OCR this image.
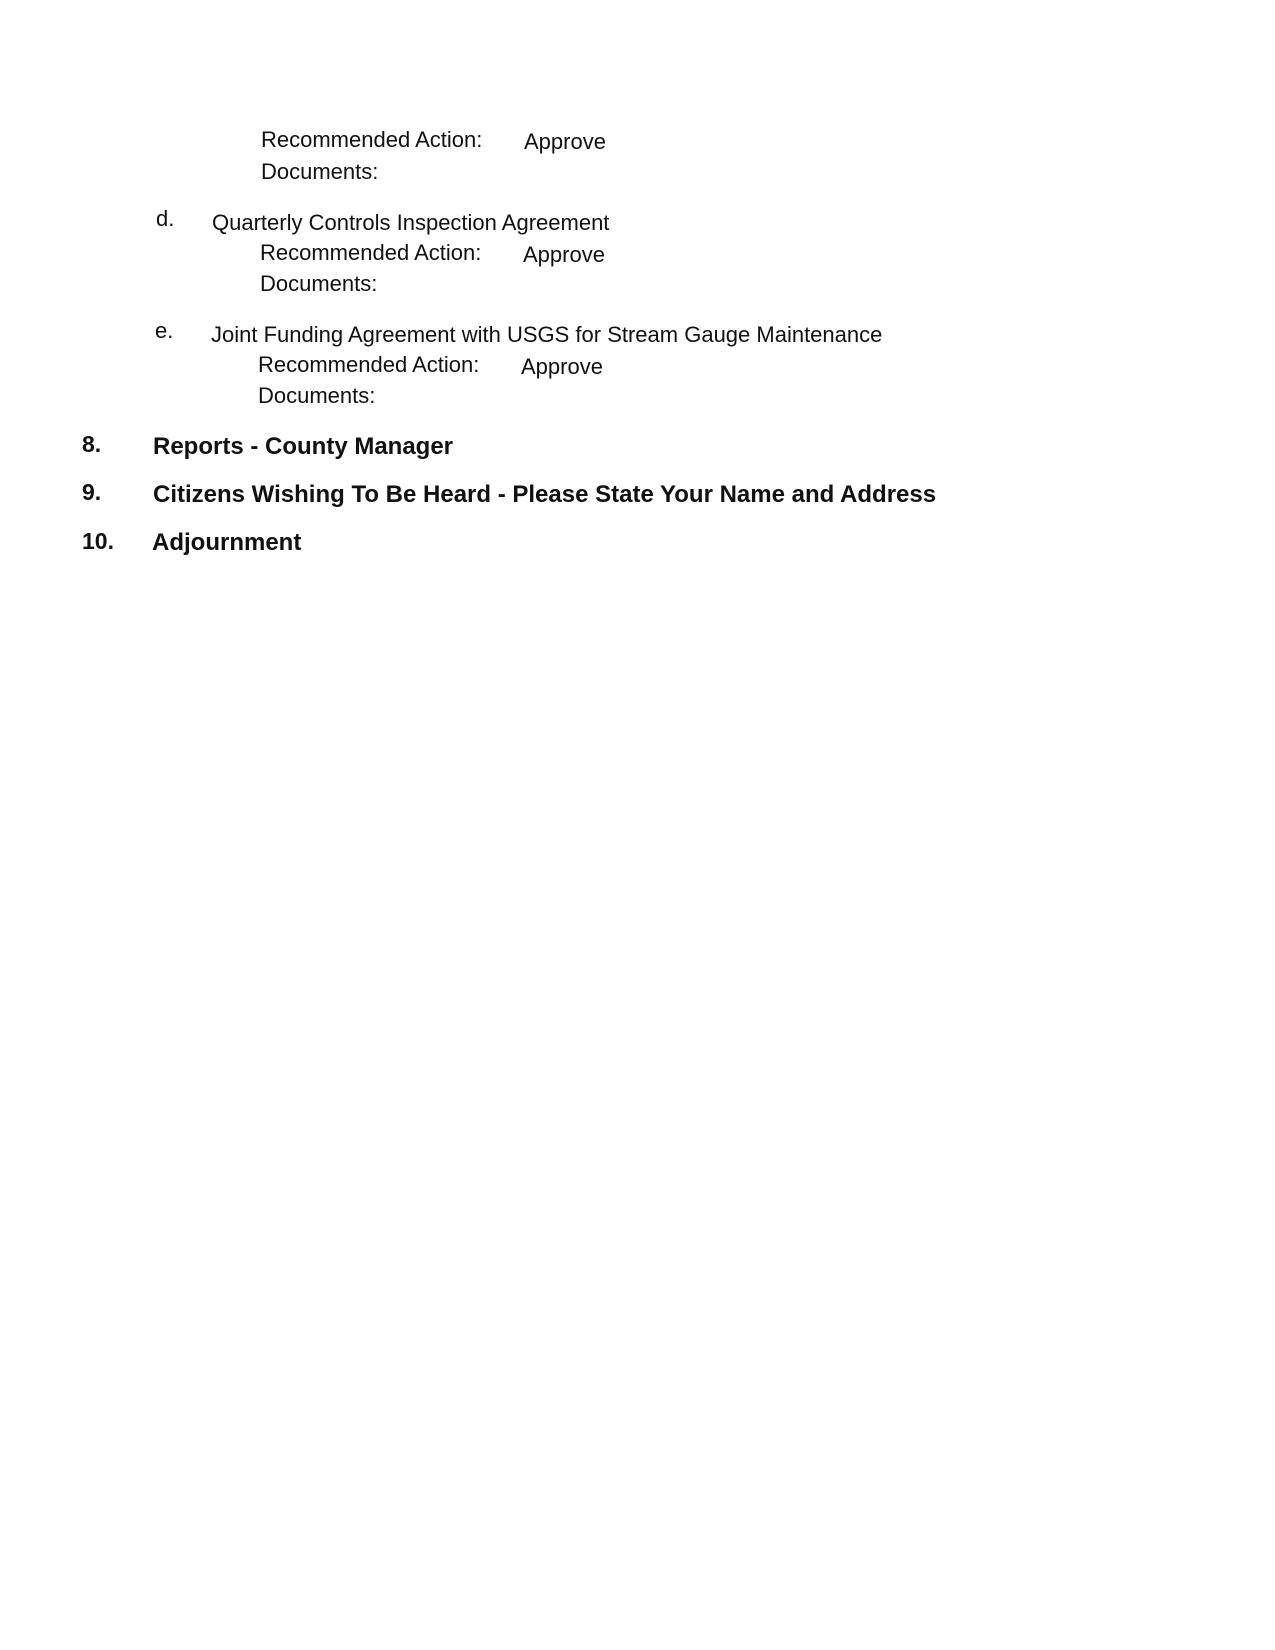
Recommended Action: Approve
Documents:
d. Quarterly Controls Inspection Agreement
Recommended Action: Approve
Documents:
e. Joint Funding Agreement with USGS for Stream Gauge Maintenance
Recommended Action: Approve
Documents:
8. Reports - County Manager
9. Citizens Wishing To Be Heard - Please State Your Name and Address
10. Adjournment
